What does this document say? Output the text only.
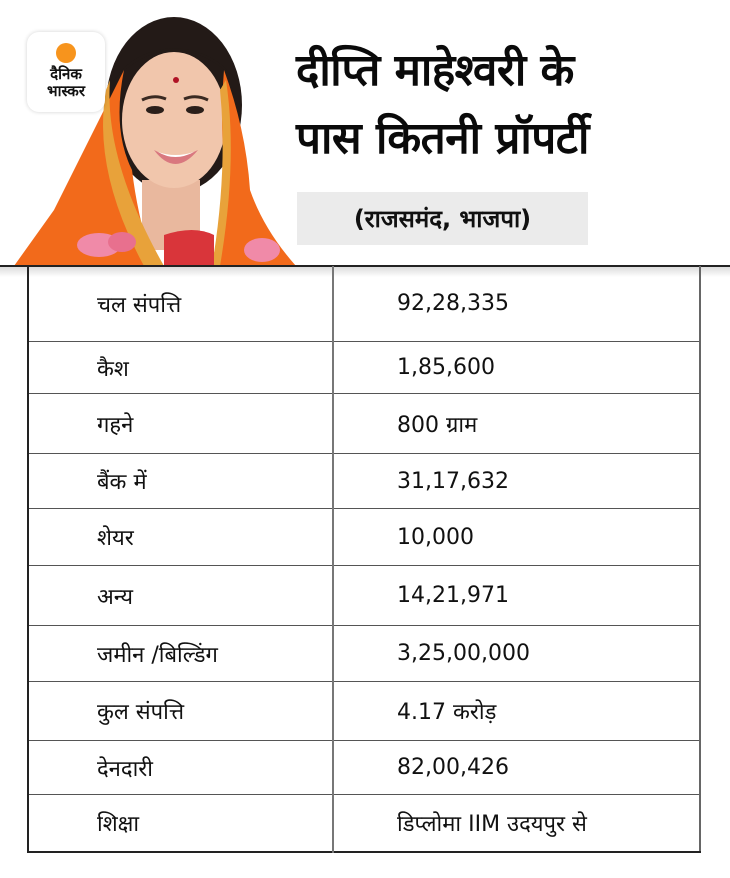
दैनिक
भास्कर	दीप्ति माहेश्वरी के
पास कितनी प्रॉपर्टी
(राजसमंद, भाजपा)
चल संपत्ति	92,28,335
कैश	1,85,600
गहने	800 ग्राम
बैंक में	31,17,632
शेयर	10,000
अन्य	14,21,971
जमीन /बिल्डिंग	3,25,00,000
कुल संपत्ति	4.17 करोड़
देनदारी	82,00,426
शिक्षा	डिप्लोमा IIM उदयपुर से
